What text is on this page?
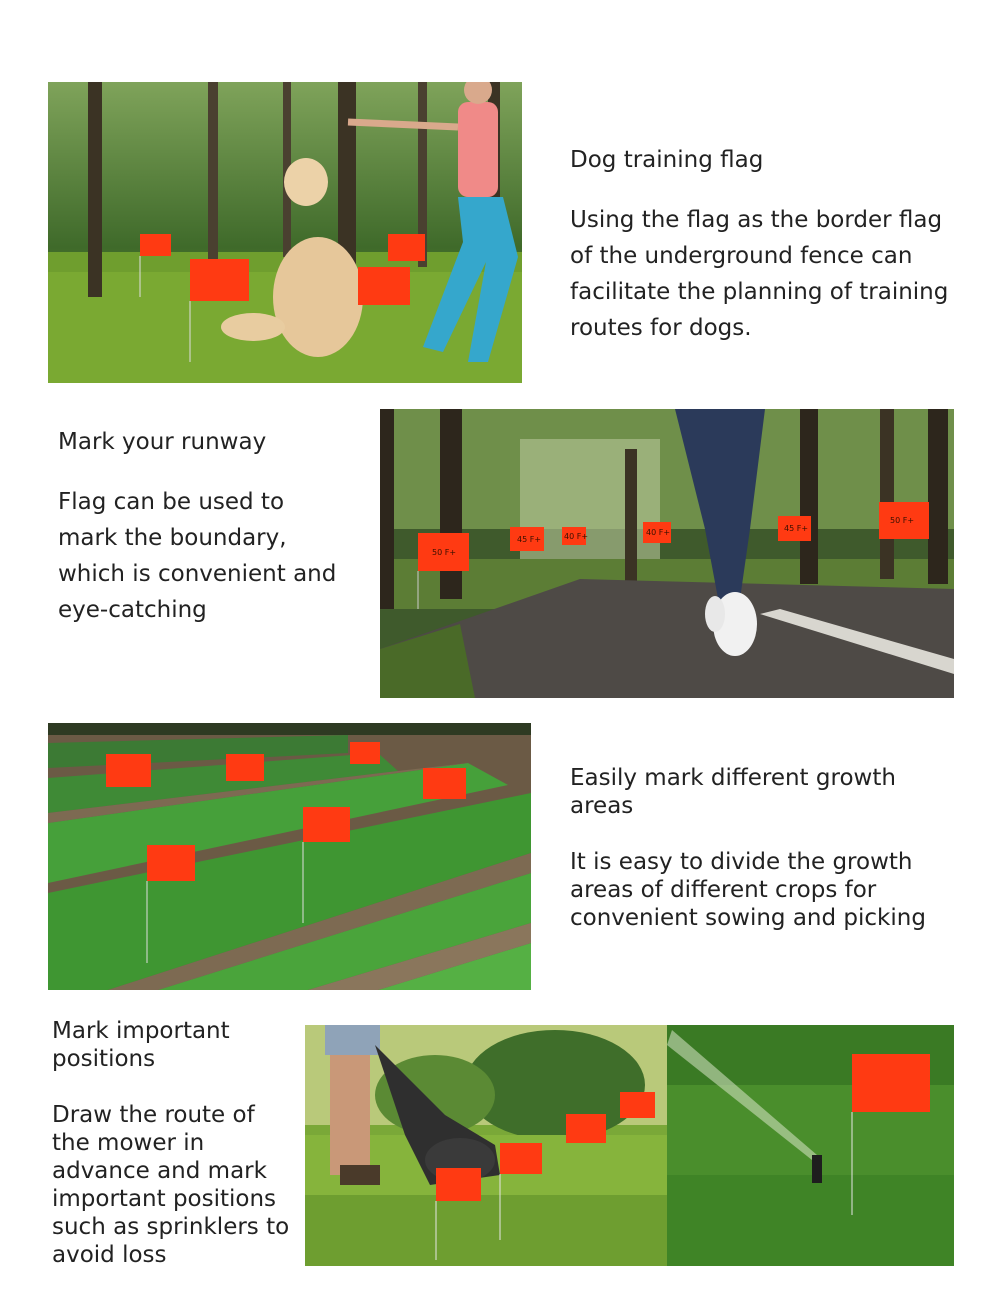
Dog training flag

Using the flag as the border flag of the underground fence can facilitate the planning of training routes for dogs.

Mark your runway

Flag can be used to mark the boundary, which is convenient and eye-catching

50 F+
45 F+	40 F+	40 F+	45 F+
50 F+

Easily mark different growth areas

It is easy to divide the growth areas of different crops for convenient sowing and picking

Mark important positions

Draw the route of the mower in advance and mark important positions such as sprinklers to avoid loss
